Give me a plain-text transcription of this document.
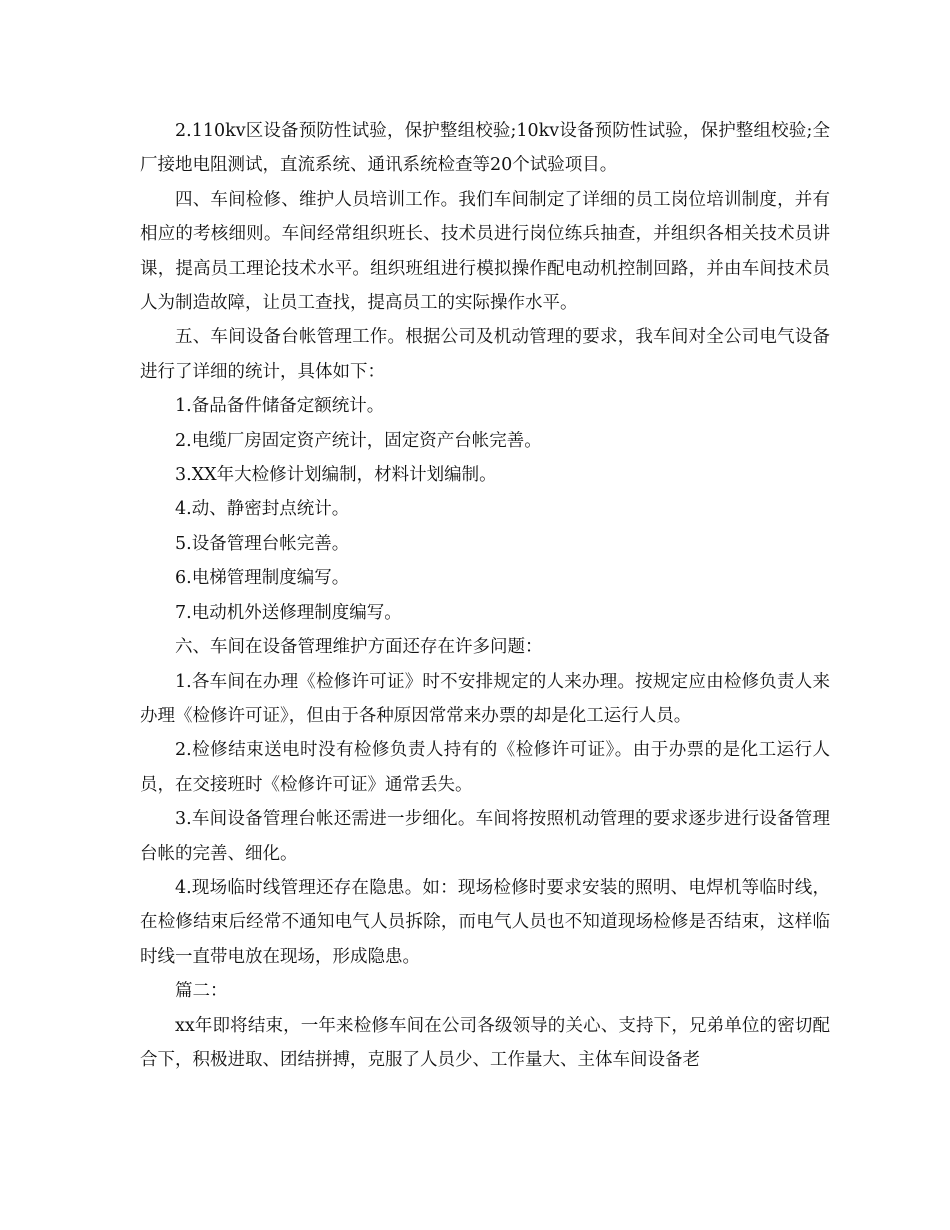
2.110kv区设备预防性试验，保护整组校验;10kv设备预防性试验，保护整组校验;全厂接地电阻测试，直流系统、通讯系统检查等20个试验项目。

四、车间检修、维护人员培训工作。我们车间制定了详细的员工岗位培训制度，并有相应的考核细则。车间经常组织班长、技术员进行岗位练兵抽查，并组织各相关技术员讲课，提高员工理论技术水平。组织班组进行模拟操作配电动机控制回路，并由车间技术员人为制造故障，让员工查找，提高员工的实际操作水平。

五、车间设备台帐管理工作。根据公司及机动管理的要求，我车间对全公司电气设备进行了详细的统计，具体如下：

1.备品备件储备定额统计。

2.电缆厂房固定资产统计，固定资产台帐完善。

3.XX年大检修计划编制，材料计划编制。

4.动、静密封点统计。

5.设备管理台帐完善。

6.电梯管理制度编写。

7.电动机外送修理制度编写。

六、车间在设备管理维护方面还存在许多问题：

1.各车间在办理《检修许可证》时不安排规定的人来办理。按规定应由检修负责人来办理《检修许可证》，但由于各种原因常常来办票的却是化工运行人员。

2.检修结束送电时没有检修负责人持有的《检修许可证》。由于办票的是化工运行人员，在交接班时《检修许可证》通常丢失。

3.车间设备管理台帐还需进一步细化。车间将按照机动管理的要求逐步进行设备管理台帐的完善、细化。

4.现场临时线管理还存在隐患。如：现场检修时要求安装的照明、电焊机等临时线，在检修结束后经常不通知电气人员拆除，而电气人员也不知道现场检修是否结束，这样临时线一直带电放在现场，形成隐患。

篇二：

xx年即将结束，一年来检修车间在公司各级领导的关心、支持下，兄弟单位的密切配合下，积极进取、团结拼搏，克服了人员少、工作量大、主体车间设备老
